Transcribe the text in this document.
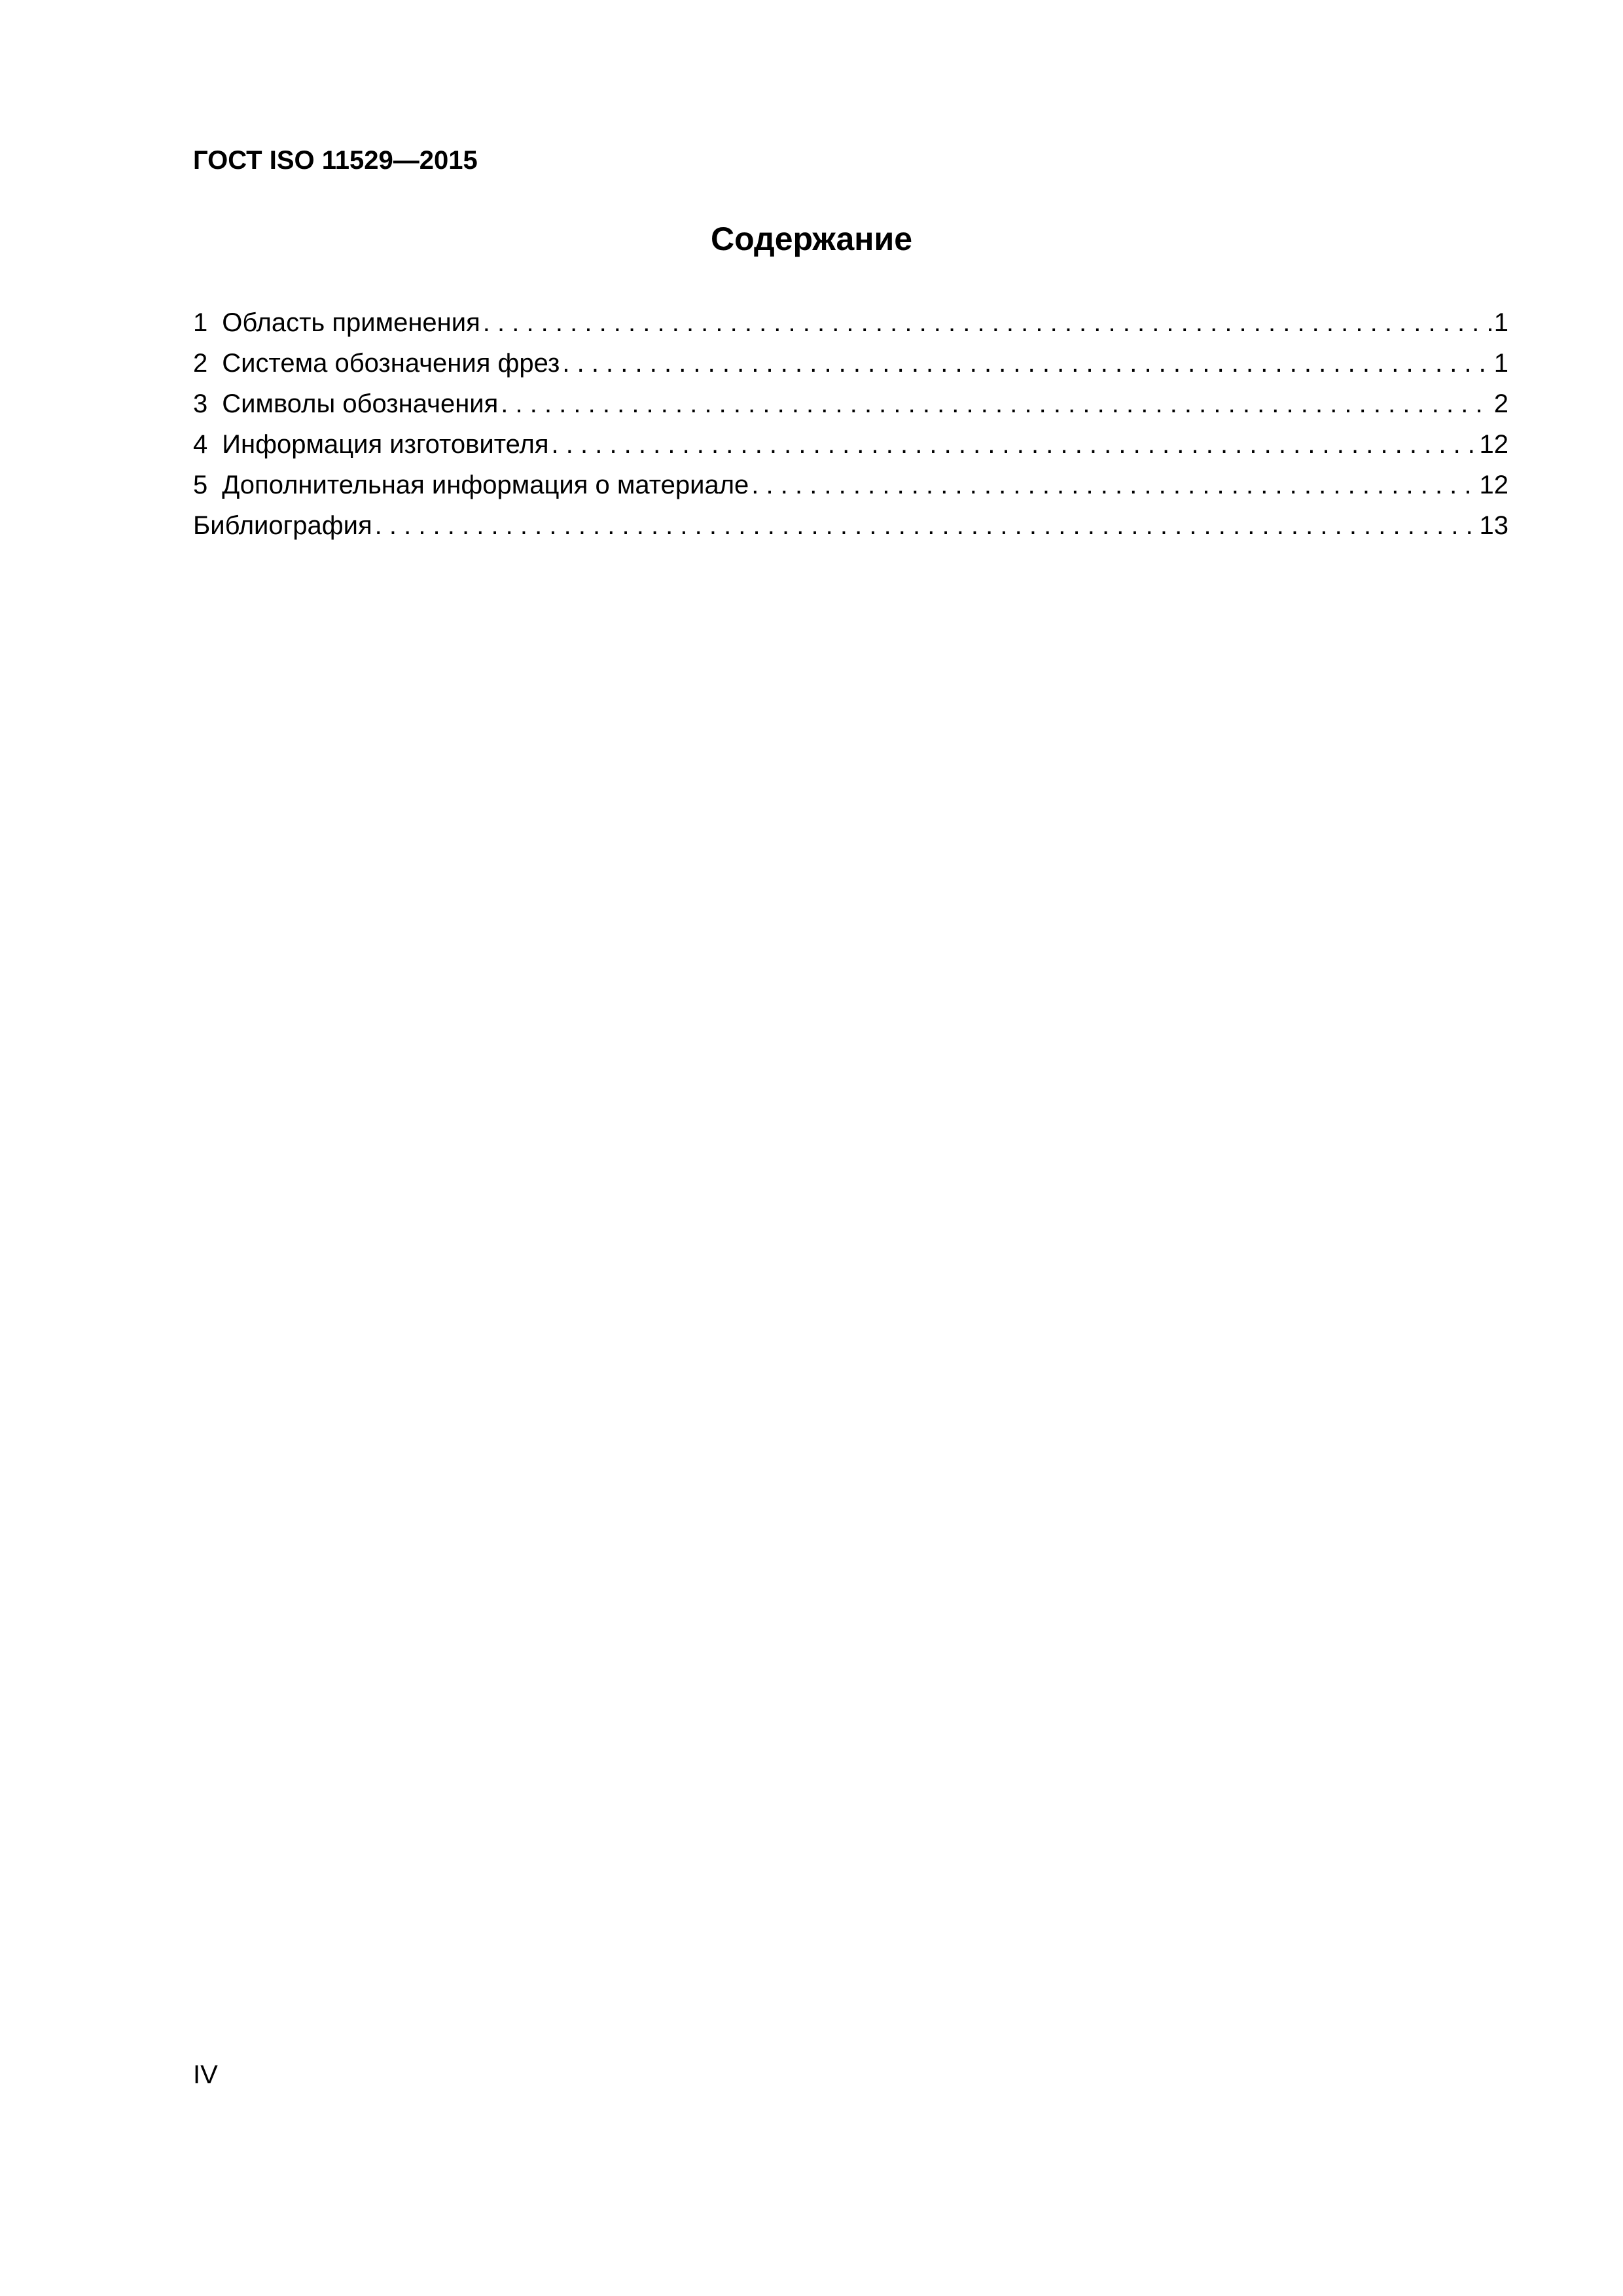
ГОСТ ISO 11529—2015
Содержание
1 Область применения . . .	1
2 Система обозначения фрез . . .	1
3 Символы обозначения . . .	2
4 Информация изготовителя . . .	12
5 Дополнительная информация о материале . . .	12
Библиография . . .	13
IV
